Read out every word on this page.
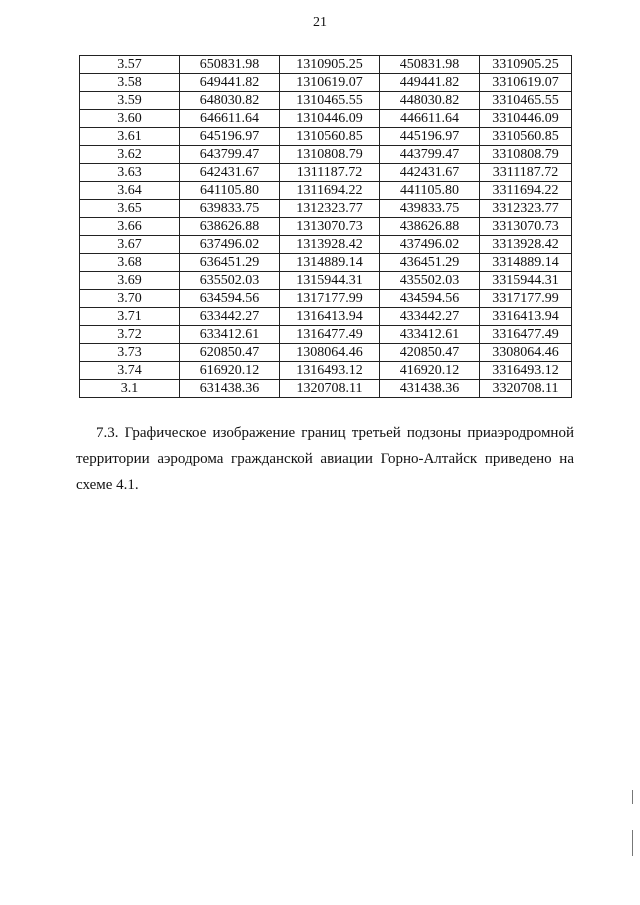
21
3.57	650831.98	1310905.25	450831.98	3310905.25
3.58	649441.82	1310619.07	449441.82	3310619.07
3.59	648030.82	1310465.55	448030.82	3310465.55
3.60	646611.64	1310446.09	446611.64	3310446.09
3.61	645196.97	1310560.85	445196.97	3310560.85
3.62	643799.47	1310808.79	443799.47	3310808.79
3.63	642431.67	1311187.72	442431.67	3311187.72
3.64	641105.80	1311694.22	441105.80	3311694.22
3.65	639833.75	1312323.77	439833.75	3312323.77
3.66	638626.88	1313070.73	438626.88	3313070.73
3.67	637496.02	1313928.42	437496.02	3313928.42
3.68	636451.29	1314889.14	436451.29	3314889.14
3.69	635502.03	1315944.31	435502.03	3315944.31
3.70	634594.56	1317177.99	434594.56	3317177.99
3.71	633442.27	1316413.94	433442.27	3316413.94
3.72	633412.61	1316477.49	433412.61	3316477.49
3.73	620850.47	1308064.46	420850.47	3308064.46
3.74	616920.12	1316493.12	416920.12	3316493.12
3.1	631438.36	1320708.11	431438.36	3320708.11

7.3. Графическое изображение границ третьей подзоны приаэродромной территории аэродрома гражданской авиации Горно-Алтайск приведено на схеме 4.1.
